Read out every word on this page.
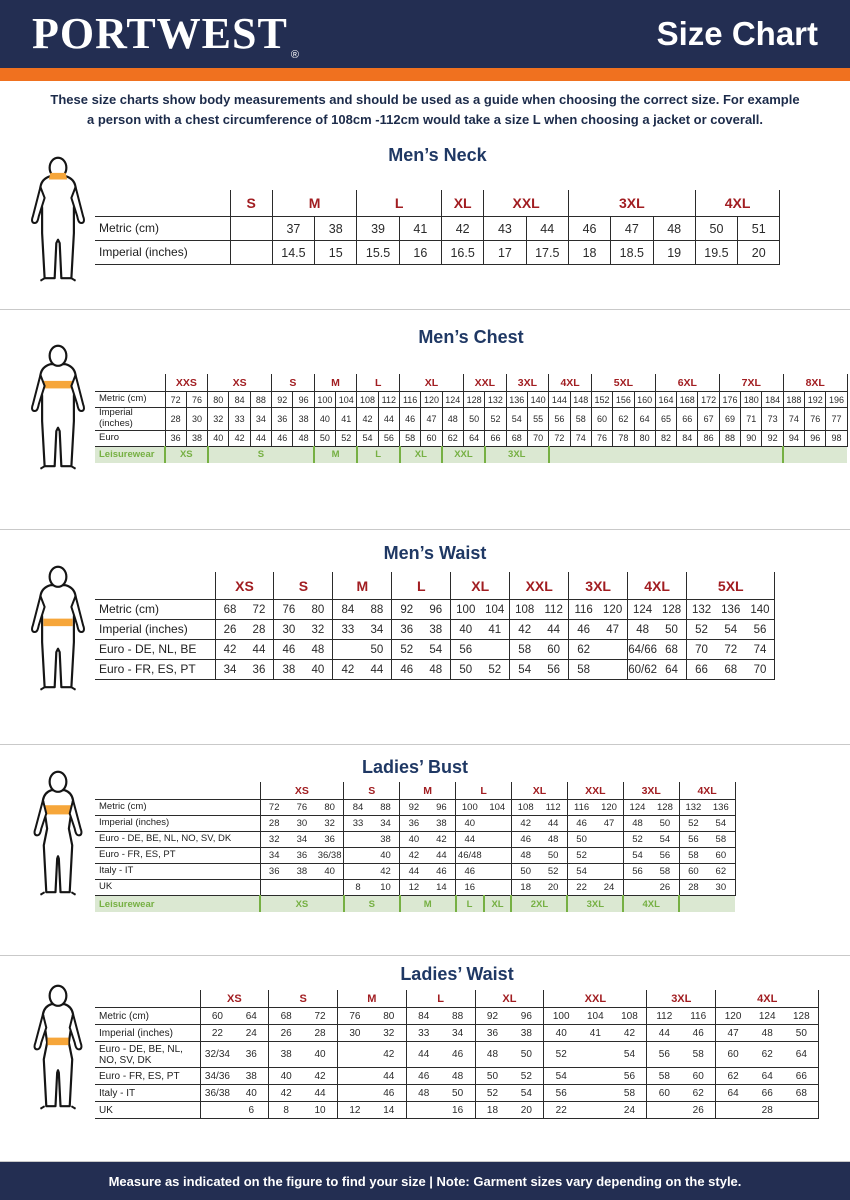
PORTWEST $_®$
Size Chart

These size charts show body measurements and should be used as a guide when choosing the correct size. For example
a person with a chest circumference of 108cm -112cm would take a size L when choosing a jacket or coverall.

Men’s Neck
	S	M		L		XL	XXL		3XL			4XL	
Metric (cm)		37	38	39	41	42	43	44	46	47	48	50	51
Imperial (inches)		14.5	15	15.5	16	16.5	17	17.5	18	18.5	19	19.5	20
Men’s Chest
	XXS		XS			S		M		L		XL			XXL		3XL		4XL		5XL			6XL			7XL			8XL		
Metric (cm)	72	76	80	84	88	92	96	100	104	108	112	116	120	124	128	132	136	140	144	148	152	156	160	164	168	172	176	180	184	188	192	196
Imperial (inches)	28	30	32	33	34	36	38	40	41	42	44	46	47	48	50	52	54	55	56	58	60	62	64	65	66	67	69	71	73	74	76	77
Euro	36	38	40	42	44	46	48	50	52	54	56	58	60	62	64	66	68	70	72	74	76	78	80	82	84	86	88	90	92	94	96	98
Leisurewear	XS		S					M		L		XL		XXL		3XL																
Men’s Waist
	XS		S		M		L		XL		XXL		3XL		4XL		5XL		
Metric (cm)	68	72	76	80	84	88	92	96	100	104	108	112	116	120	124	128	132	136	140
Imperial (inches)	26	28	30	32	33	34	36	38	40	41	42	44	46	47	48	50	52	54	56
Euro - DE, NL, BE	42	44	46	48		50	52	54	56		58	60	62		64/66	68	70	72	74
Euro - FR, ES, PT	34	36	38	40	42	44	46	48	50	52	54	56	58		60/62	64	66	68	70
Ladies’ Bust
	XS			S		M		L		XL		XXL		3XL		4XL	
Metric (cm)	72	76	80	84	88	92	96	100	104	108	112	116	120	124	128	132	136
Imperial (inches)	28	30	32	33	34	36	38	40		42	44	46	47	48	50	52	54
Euro - DE, BE, NL, NO, SV, DK	32	34	36		38	40	42	44		46	48	50		52	54	56	58
Euro - FR, ES, PT	34	36	36/38		40	42	44	46/48		48	50	52		54	56	58	60
Italy - IT	36	38	40		42	44	46	46		50	52	54		56	58	60	62
UK				8	10	12	14	16		18	20	22	24		26	28	30
Leisurewear	XS			S		M		L	XL	2XL		3XL		4XL			
Ladies’ Waist
	XS		S		M		L		XL		XXL			3XL		4XL		
Metric (cm)	60	64	68	72	76	80	84	88	92	96	100	104	108	112	116	120	124	128
Imperial (inches)	22	24	26	28	30	32	33	34	36	38	40	41	42	44	46	47	48	50
Euro - DE, BE, NL, NO, SV, DK	32/34	36	38	40		42	44	46	48	50	52		54	56	58	60	62	64
Euro - FR, ES, PT	34/36	38	40	42		44	46	48	50	52	54		56	58	60	62	64	66
Italy - IT	36/38	40	42	44		46	48	50	52	54	56		58	60	62	64	66	68
UK		6	8	10	12	14		16	18	20	22		24		26		28	
Measure as indicated on the figure to find your size | Note: Garment sizes vary depending on the style.
